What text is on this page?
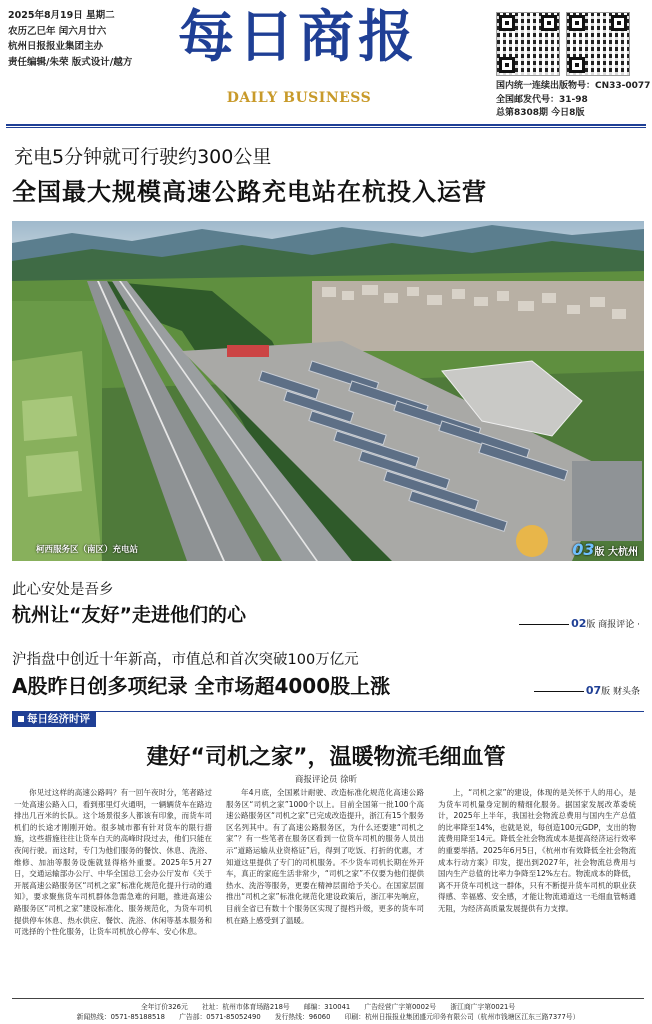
2025年8月19日 星期二
农历乙巳年 闰六月廿六
杭州日报报业集团主办
责任编辑/朱荣 版式设计/越方 每日商报
DAILY BUSINESS
国内统一连续出版物号：CN33-0077
全国邮发代号：31-98
总第8308期 今日8版
充电5分钟就可行驶约300公里
全国最大规模高速公路充电站在杭投入运营
柯西服务区（南区）充电站	03版 大杭州
此心安处是吾乡
杭州让“友好”走进他们的心	02版 商报评论 ·
沪指盘中创近十年新高，市值总和首次突破100万亿元
A股昨日创多项纪录 全市场超4000股上涨	07版 财头条
每日经济时评
建好“司机之家”，温暖物流毛细血管
商报评论员 徐昕

你见过这样的高速公路吗？有一回午夜时分，笔者路过一处高速公路入口，看到那里灯火通明，一辆辆货车在路边排出几百米的长队。这个场景很多人都该有印象，而货车司机们的长途才刚刚开始。很多城市都有针对货车的限行措施，这些措施往往让货车白天的高峰时段过去，他们只能在夜间行驶。而这时，专门为他们服务的餐饮、休息、洗浴、维修、加油等服务设施就显得格外重要。2025年5月27日，交通运输部办公厅、中华全国总工会办公厅发布《关于开展高速公路服务区“司机之家”标准化规范化提升行动的通知》，要求聚焦货车司机群体急需急难的问题，推进高速公路服务区“司机之家”建设标准化、服务规范化，为货车司机提供停车休息、热水供应、餐饮、洗浴、休闲等基本服务和可选择的个性化服务，让货车司机放心停车、安心休息。

年4月底，全国累计耐驶、改造标准化规范化高速公路服务区“司机之家”1000个以上。目前全国第一批100个高速公路服务区“司机之家”已完成改造提升，浙江有15个服务区名列其中。有了高速公路服务区，为什么还要建“司机之家”？有一些笔者在服务区看到一位货车司机的服务人员出示“道路运输从业资格证”后，得到了吃饭、打折的优惠，才知道这里提供了专门的司机服务。不少货车司机长期在外开车，真正的家庭生活非常少，“司机之家”不仅要为他们提供热水、洗浴等服务，更要在精神层面给予关心。在国家层面推出“司机之家”标准化规范化建设政策后，浙江率先响应，目前全省已有数十个服务区实现了提档升级，更多的货车司机在路上感受到了温暖。

上，“司机之家”的建设，体现的是关怀于人的用心，是为货车司机量身定制的精细化服务。据国家发展改革委统计，2025年上半年，我国社会物流总费用与国内生产总值的比率降至14%，也就是说，每创造100元GDP，支出的物流费用降至14元。降低全社会物流成本是提高经济运行效率的重要举措。2025年6月5日，《杭州市有效降低全社会物流成本行动方案》印发，提出到2027年，社会物流总费用与国内生产总值的比率力争降至12%左右。物流成本的降低，离不开货车司机这一群体，只有不断提升货车司机的职业获得感、幸福感、安全感，才能让物流通道这一毛细血管畅通无阻，为经济高质量发展提供有力支撑。

全年订价326元 社址：杭州市体育场路218号 邮编：310041 广告经营广字第0002号 浙江商广字第0021号
新闻热线：0571-85188518 广告部：0571-85052490 发行热线：96060 印刷：杭州日报报业集团盛元印务有限公司（杭州市钱塘区江东三路7377号）
